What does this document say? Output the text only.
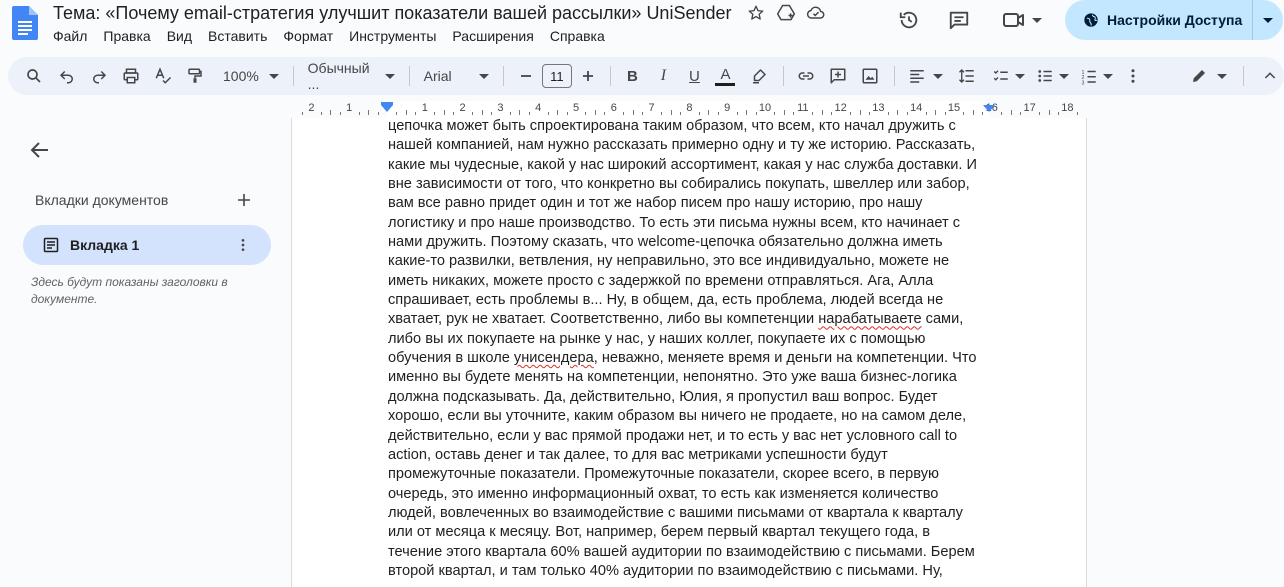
Тема: «Почему email-стратегия улучшит показатели вашей рассылки» UniSender
Файл Правка Вид Вставить Формат Инструменты Расширения Справка
Настройки Доступа
100%	Обычный ...	Arial	11	B	I	U	A	1
2
3
2	1	1	2	3	4	5	6	7	8	9	10 11 12 13 14 15 16 17 18
Вкладки документов
Вкладка 1
Здесь будут показаны заголовки в документе.
цепочка может быть спроектирована таким образом, что всем, кто начал дружить с
нашей компанией, нам нужно рассказать примерно одну и ту же историю. Рассказать,
какие мы чудесные, какой у нас широкий ассортимент, какая у нас служба доставки. И
вне зависимости от того, что конкретно вы собирались покупать, швеллер или забор,
вам все равно придет один и тот же набор писем про нашу историю, про нашу
логистику и про наше производство. То есть эти письма нужны всем, кто начинает с
нами дружить. Поэтому сказать, что welcome-цепочка обязательно должна иметь
какие-то развилки, ветвления, ну неправильно, это все индивидуально, можете не
иметь никаких, можете просто с задержкой по времени отправляться. Ага, Алла
спрашивает, есть проблемы в... Ну, в общем, да, есть проблема, людей всегда не
хватает, рук не хватает. Соответственно, либо вы компетенции нарабатываете сами,
либо вы их покупаете на рынке у нас, у наших коллег, покупаете их с помощью
обучения в школе унисендера, неважно, меняете время и деньги на компетенции. Что
именно вы будете менять на компетенции, непонятно. Это уже ваша бизнес-логика
должна подсказывать. Да, действительно, Юлия, я пропустил ваш вопрос. Будет
хорошо, если вы уточните, каким образом вы ничего не продаете, но на самом деле,
действительно, если у вас прямой продажи нет, и то есть у вас нет условного call to
action, оставь денег и так далее, то для вас метриками успешности будут
промежуточные показатели. Промежуточные показатели, скорее всего, в первую
очередь, это именно информационный охват, то есть как изменяется количество
людей, вовлеченных во взаимодействие с вашими письмами от квартала к кварталу
или от месяца к месяцу. Вот, например, берем первый квартал текущего года, в
течение этого квартала 60% вашей аудитории по взаимодействию с письмами. Берем
второй квартал, и там только 40% аудитории по взаимодействию с письмами. Ну,
